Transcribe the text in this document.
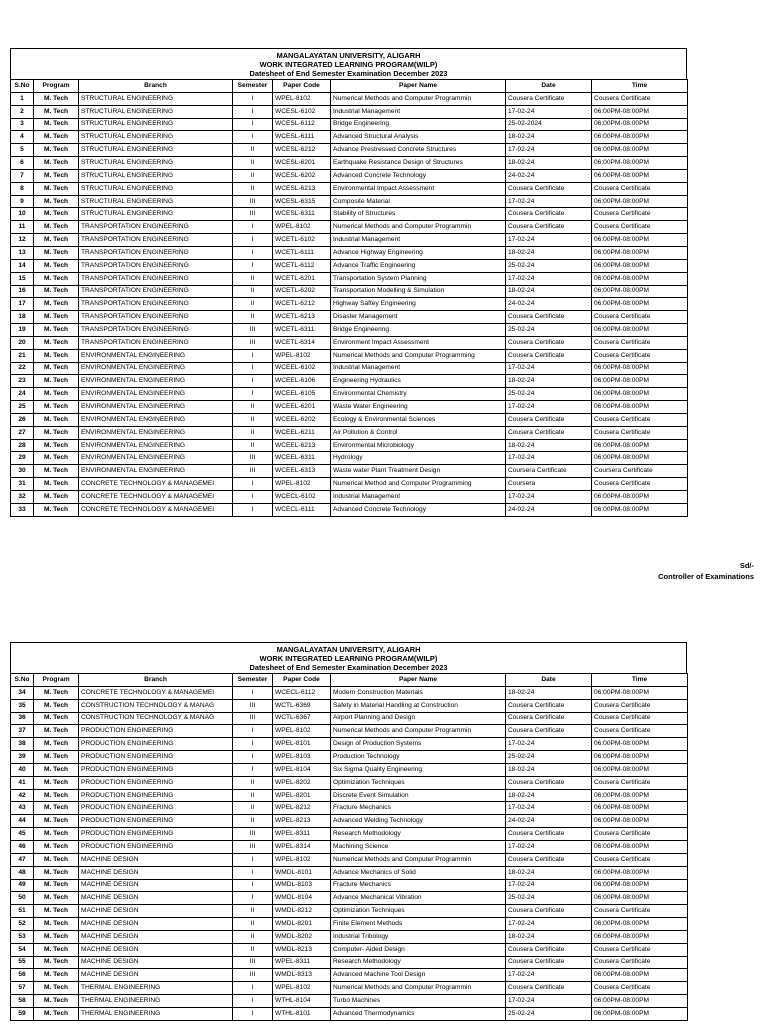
MANGALAYATAN UNIVERSITY, ALIGARH
WORK INTEGRATED LEARNING PROGRAM(WILP)
Datesheet of End Semester Examination December 2023
S.No	Program	Branch	Semester	Paper Code	Paper Name	Date	Time
1	M. Tech	STRUCTURAL ENGINEERING	I	WPEL-8102	Numerical Methods and Computer Programmin	Cousera Certificate	Cousera Certificate
2	M. Tech	STRUCTURAL ENGINEERING	I	WCESL-6102	Industrial Management	17-02-24	06:00PM-08:00PM
3	M. Tech	STRUCTURAL ENGINEERING	I	WCESL-6112	Bridge Engineering	25-02-2024	06:00PM-08:00PM
4	M. Tech	STRUCTURAL ENGINEERING	I	WCESL-6111	Advanced Structural Analysis	18-02-24	06:00PM-08:00PM
5	M. Tech	STRUCTURAL ENGINEERING	II	WCESL-6212	Advance Prestressed Concrete Structures	17-02-24	06:00PM-08:00PM
6	M. Tech	STRUCTURAL ENGINEERING	II	WCESL-6201	Earthquake Resistance Design of Structures	18-02-24	06:00PM-08:00PM
7	M. Tech	STRUCTURAL ENGINEERING	II	WCESL-6202	Advanced Concrete Technology	24-02-24	06:00PM-08:00PM
8	M. Tech	STRUCTURAL ENGINEERING	II	WCESL-6213	Environmental Impact Assessment	Cousera Certificate	Cousera Certificate
9	M. Tech	STRUCTURAL ENGINEERING	III	WCESL-6315	Composite Material	17-02-24	06:00PM-08:00PM
10	M. Tech	STRUCTURAL ENGINEERING	III	WCESL-6311	Stability of Structures	Cousera Certificate	Cousera Certificate
11	M. Tech	TRANSPORTATION ENGINEERING	I	WPEL-8102	Numerical Methods and Computer Programmin	Cousera Certificate	Cousera Certificate
12	M. Tech	TRANSPORTATION ENGINEERING	I	WCETL-6102	Industrial Management	17-02-24	06:00PM-08:00PM
13	M. Tech	TRANSPORTATION ENGINEERING	I	WCETL-6111	Advance Highway Engineering	18-02-24	06:00PM-08:00PM
14	M. Tech	TRANSPORTATION ENGINEERING	I	WCETL-6112	Advance Traffic Engineering	25-02-24	06:00PM-08:00PM
15	M. Tech	TRANSPORTATION ENGINEERING	II	WCETL-6201	Transportation System Planning	17-02-24	06:00PM-08:00PM
16	M. Tech	TRANSPORTATION ENGINEERING	II	WCETL-6202	Transportation Modelling & Simulation	18-02-24	06:00PM-08:00PM
17	M. Tech	TRANSPORTATION ENGINEERING	II	WCETL-6212	Highway Saftey Engineering	24-02-24	06:00PM-08:00PM
18	M. Tech	TRANSPORTATION ENGINEERING	II	WCETL-6213	Disaster Management	Cousera Certificate	Cousera Certificate
19	M. Tech	TRANSPORTATION ENGINEERING	III	WCETL-6311	Bridge Engineering	25-02-24	06:00PM-08:00PM
20	M. Tech	TRANSPORTATION ENGINEERING	III	WCETL-6314	Environment Impact Assessment	Cousera Certificate	Cousera Certificate
21	M. Tech	ENVIRONMENTAL ENGINEERING	I	WPEL-8102	Numerical Methods and Computer Programming	Cousera Certificate	Cousera Certificate
22	M. Tech	ENVIRONMENTAL ENGINEERING	I	WCEEL-6102	Industrial Management	17-02-24	06:00PM-08:00PM
23	M. Tech	ENVIRONMENTAL ENGINEERING	I	WCEEL-6106	Engineering Hydraulics	18-02-24	06:00PM-08:00PM
24	M. Tech	ENVIRONMENTAL ENGINEERING	I	WCEEL-6105	Environmental Chemistry	25-02-24	06:00PM-08:00PM
25	M. Tech	ENVIRONMENTAL ENGINEERING	II	WCEEL-6201	Waste Water Engineering	17-02-24	06:00PM-08:00PM
26	M. Tech	ENVIRONMENTAL ENGINEERING	II	WCEEL-6202	Ecology & Environmental Sciences	Cousera Certificate	Cousera Certificate
27	M. Tech	ENVIRONMENTAL ENGINEERING	II	WCEEL-6211	Air Pollution & Control	Cousera Certificate	Cousera Certificate
28	M. Tech	ENVIRONMENTAL ENGINEERING	II	WCEEL-6213	Environmental Microbiology	18-02-24	06:00PM-08:00PM
29	M. Tech	ENVIRONMENTAL ENGINEERING	III	WCEEL-6311	Hydrology	17-02-24	06:00PM-08:00PM
30	M. Tech	ENVIRONMENTAL ENGINEERING	III	WCEEL-6313	Waste water Plant Treatment Design	Coursera Certificate	Coursera Certificate
31	M. Tech	CONCRETE TECHNOLOGY & MANAGEMEI	I	WPEL-8102	Numerical Method and Computer Programming	Coursera	Cousera Certificate
32	M. Tech	CONCRETE TECHNOLOGY & MANAGEMEI	I	WCECL-6102	Industrial Management	17-02-24	06:00PM-08:00PM
33	M. Tech	CONCRETE TECHNOLOGY & MANAGEMEI	I	WCECL-6111	Advanced Concrete Technology	24-02-24	06:00PM-08:00PM
Sd/-
Controller of Examinations
MANGALAYATAN UNIVERSITY, ALIGARH
WORK INTEGRATED LEARNING PROGRAM(WILP)
Datesheet of End Semester Examination December 2023
S.No	Program	Branch	Semester	Paper Code	Paper Name	Date	Time
34	M. Tech	CONCRETE TECHNOLOGY & MANAGEMEI	I	WCECL-6112	Modern Construction Materials	18-02-24	06:00PM-08:00PM
35	M. Tech	CONSTRUCTION TECHNOLOGY & MANAG	III	WCTL-6369	Safety in Material Handling at Construction	Cousera Certificate	Cousera Certificate
36	M. Tech	CONSTRUCTION TECHNOLOGY & MANAG	III	WCTL-6367	Airport Planning and Design	Cousera Certificate	Cousera Certificate
37	M. Tech	PRODUCTION ENGINEERING	I	WPEL-8102	Numerical Methods and Computer Programmin	Cousera Certificate	Cousera Certificate
38	M. Tech	PRODUCTION ENGINEERING	I	WPEL-8101	Design of Production Systems	17-02-24	06:00PM-08:00PM
39	M. Tech	PRODUCTION ENGINEERING	I	WPEL-8103	Production Technology	25-02-24	06:00PM-08:00PM
40	M. Tech	PRODUCTION ENGINEERING	I	WPEL-8104	Six Sigma Quality Engineering	18-02-24	06:00PM-08:00PM
41	M. Tech	PRODUCTION ENGINEERING	II	WPEL-8202	Optimization Techniques	Cousera Certificate	Cousera Certificate
42	M. Tech	PRODUCTION ENGINEERING	II	WPEL-8201	Discrete Event Simulation	18-02-24	06:00PM-08:00PM
43	M. Tech	PRODUCTION ENGINEERING	II	WPEL-8212	Fracture Mechanics	17-02-24	06:00PM-08:00PM
44	M. Tech	PRODUCTION ENGINEERING	II	WPEL-8213	Advanced Welding Technology	24-02-24	06:00PM-08:00PM
45	M. Tech	PRODUCTION ENGINEERING	III	WPEL-8311	Research Methodology	Cousera Certificate	Cousera Certificate
46	M. Tech	PRODUCTION ENGINEERING	III	WPEL-8314	Machining Science	17-02-24	06:00PM-08:00PM
47	M. Tech	MACHINE DESIGN	I	WPEL-8102	Numerical Methods and Computer Programmin	Cousera Certificate	Cousera Certificate
48	M. Tech	MACHINE DESIGN	I	WMDL-8101	Advance Mechanics of Solid	18-02-24	06:00PM-08:00PM
49	M. Tech	MACHINE DESIGN	I	WMDL-8103	Fracture Mechanics	17-02-24	06:00PM-08:00PM
50	M. Tech	MACHINE DESIGN	I	WMDL-8104	Advance Mechanical Vibration	25-02-24	06:00PM-08:00PM
51	M. Tech	MACHINE DESIGN	II	WMDL-8212	Optimization Techniques	Cousera Certificate	Cousera Certificate
52	M. Tech	MACHINE DESIGN	II	WMDL-8201	Finite Element Methods	17-02-24	06:00PM-08:00PM
53	M. Tech	MACHINE DESIGN	II	WMDL-8202	Industrial Tribology	18-02-24	06:00PM-08:00PM
54	M. Tech	MACHINE DESIGN	II	WMDL-8213	Computer- Aided Design	Cousera Certificate	Cousera Certificate
55	M. Tech	MACHINE DESIGN	III	WPEL-8311	Research Methodology	Cousera Certificate	Cousera Certificate
56	M. Tech	MACHINE DESIGN	III	WMDL-8313	Advanced Machine Tool Design	17-02-24	06:00PM-08:00PM
57	M. Tech	THERMAL ENGINEERING	I	WPEL-8102	Numerical Methods and Computer Programmin	Cousera Certificate	Cousera Certificate
58	M. Tech	THERMAL ENGINEERING	I	WTHL-8104	Turbo Machines	17-02-24	06:00PM-08:00PM
59	M. Tech	THERMAL ENGINEERING	I	WTHL-8101	Advanced Thermodynamics	25-02-24	06:00PM-08:00PM
